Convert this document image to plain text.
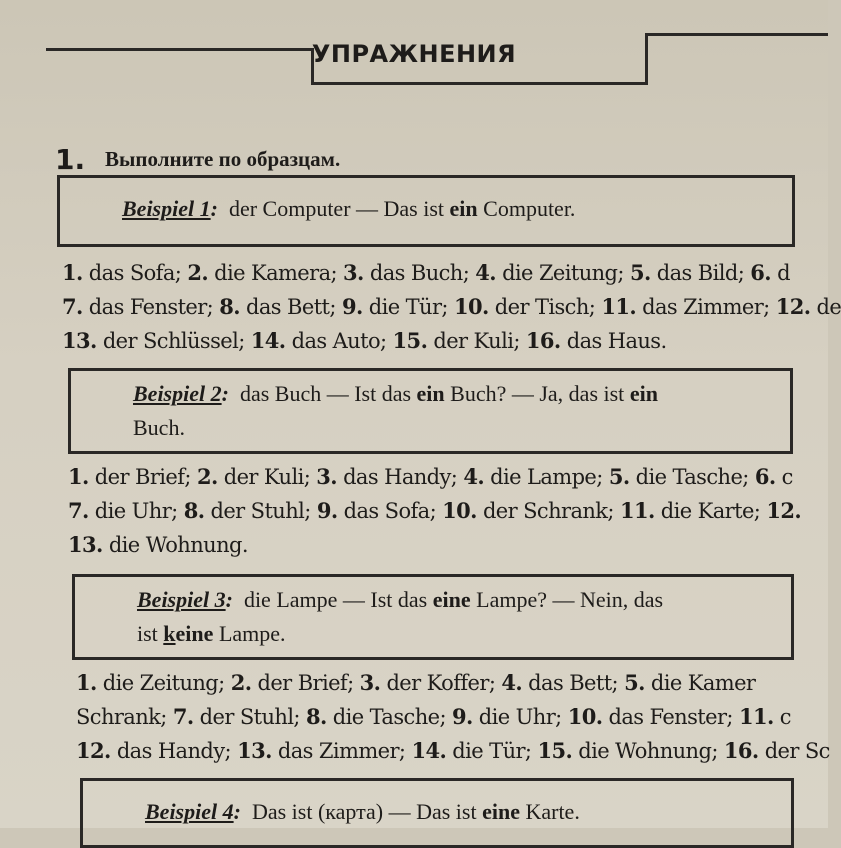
УПРАЖНЕНИЯ
1. Выполните по образцам.
Beispiel 1: der Computer — Das ist ein Computer.
1. das Sofa; 2. die Kamera; 3. das Buch; 4. die Zeitung; 5. das Bild; 6. d
7. das Fenster; 8. das Bett; 9. die Tür; 10. der Tisch; 11. das Zimmer; 12. de
13. der Schlüssel; 14. das Auto; 15. der Kuli; 16. das Haus.
Beispiel 2: das Buch — Ist das ein Buch? — Ja, das ist ein
Buch.
1. der Brief; 2. der Kuli; 3. das Handy; 4. die Lampe; 5. die Tasche; 6. c
7. die Uhr; 8. der Stuhl; 9. das Sofa; 10. der Schrank; 11. die Karte; 12.
13. die Wohnung.
Beispiel 3: die Lampe — Ist das eine Lampe? — Nein, das
ist keine Lampe.
1. die Zeitung; 2. der Brief; 3. der Koffer; 4. das Bett; 5. die Kamer
Schrank; 7. der Stuhl; 8. die Tasche; 9. die Uhr; 10. das Fenster; 11. c
12. das Handy; 13. das Zimmer; 14. die Tür; 15. die Wohnung; 16. der Sc
Beispiel 4: Das ist (карта) — Das ist eine Karte.
